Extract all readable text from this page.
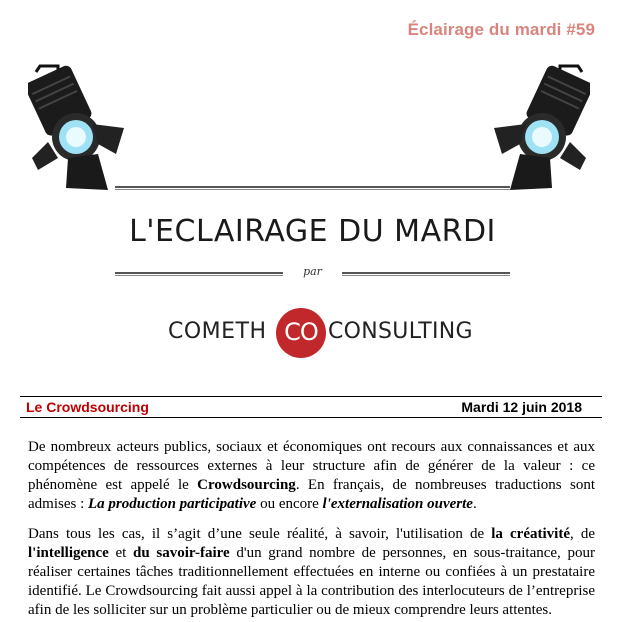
Éclairage du mardi #59
L'ECLAIRAGE DU MARDI
par
COMETH CO CONSULTING
Le Crowdsourcing	Mardi 12 juin 2018
De nombreux acteurs publics, sociaux et économiques ont recours aux connaissances et aux compétences de ressources externes à leur structure afin de générer de la valeur : ce phénomène est appelé le Crowdsourcing. En français, de nombreuses traductions sont admises : La production participative ou encore l'externalisation ouverte.
Dans tous les cas, il s’agit d’une seule réalité, à savoir, l'utilisation de la créativité, de l'intelligence et du savoir-faire d'un grand nombre de personnes, en sous-traitance, pour réaliser certaines tâches traditionnellement effectuées en interne ou confiées à un prestataire identifié. Le Crowdsourcing fait aussi appel à la contribution des interlocuteurs de l’entreprise afin de les solliciter sur un problème particulier ou de mieux comprendre leurs attentes.
